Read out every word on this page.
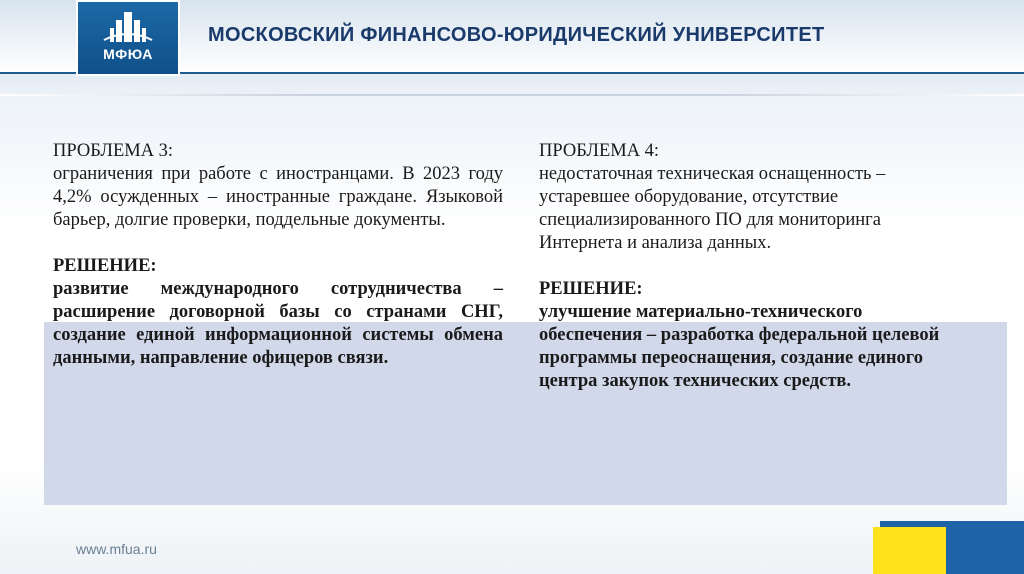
МФЮА
МОСКОВСКИЙ ФИНАНСОВО-ЮРИДИЧЕСКИЙ УНИВЕРСИТЕТ
ПРОБЛЕМА 3:
ограничения при работе с иностранцами. В 2023 году 4,2% осужденных – иностранные граждане. Языковой барьер, долгие проверки, поддельные документы.
РЕШЕНИЕ:
развитие международного сотрудничества – расширение договорной базы со странами СНГ, создание единой информационной системы обмена данными, направление офицеров связи.
ПРОБЛЕМА 4:
недостаточная техническая оснащенность – устаревшее оборудование, отсутствие специализированного ПО для мониторинга Интернета и анализа данных.
РЕШЕНИЕ:
улучшение материально-технического обеспечения – разработка федеральной целевой программы переоснащения, создание единого центра закупок технических средств.
www.mfua.ru
